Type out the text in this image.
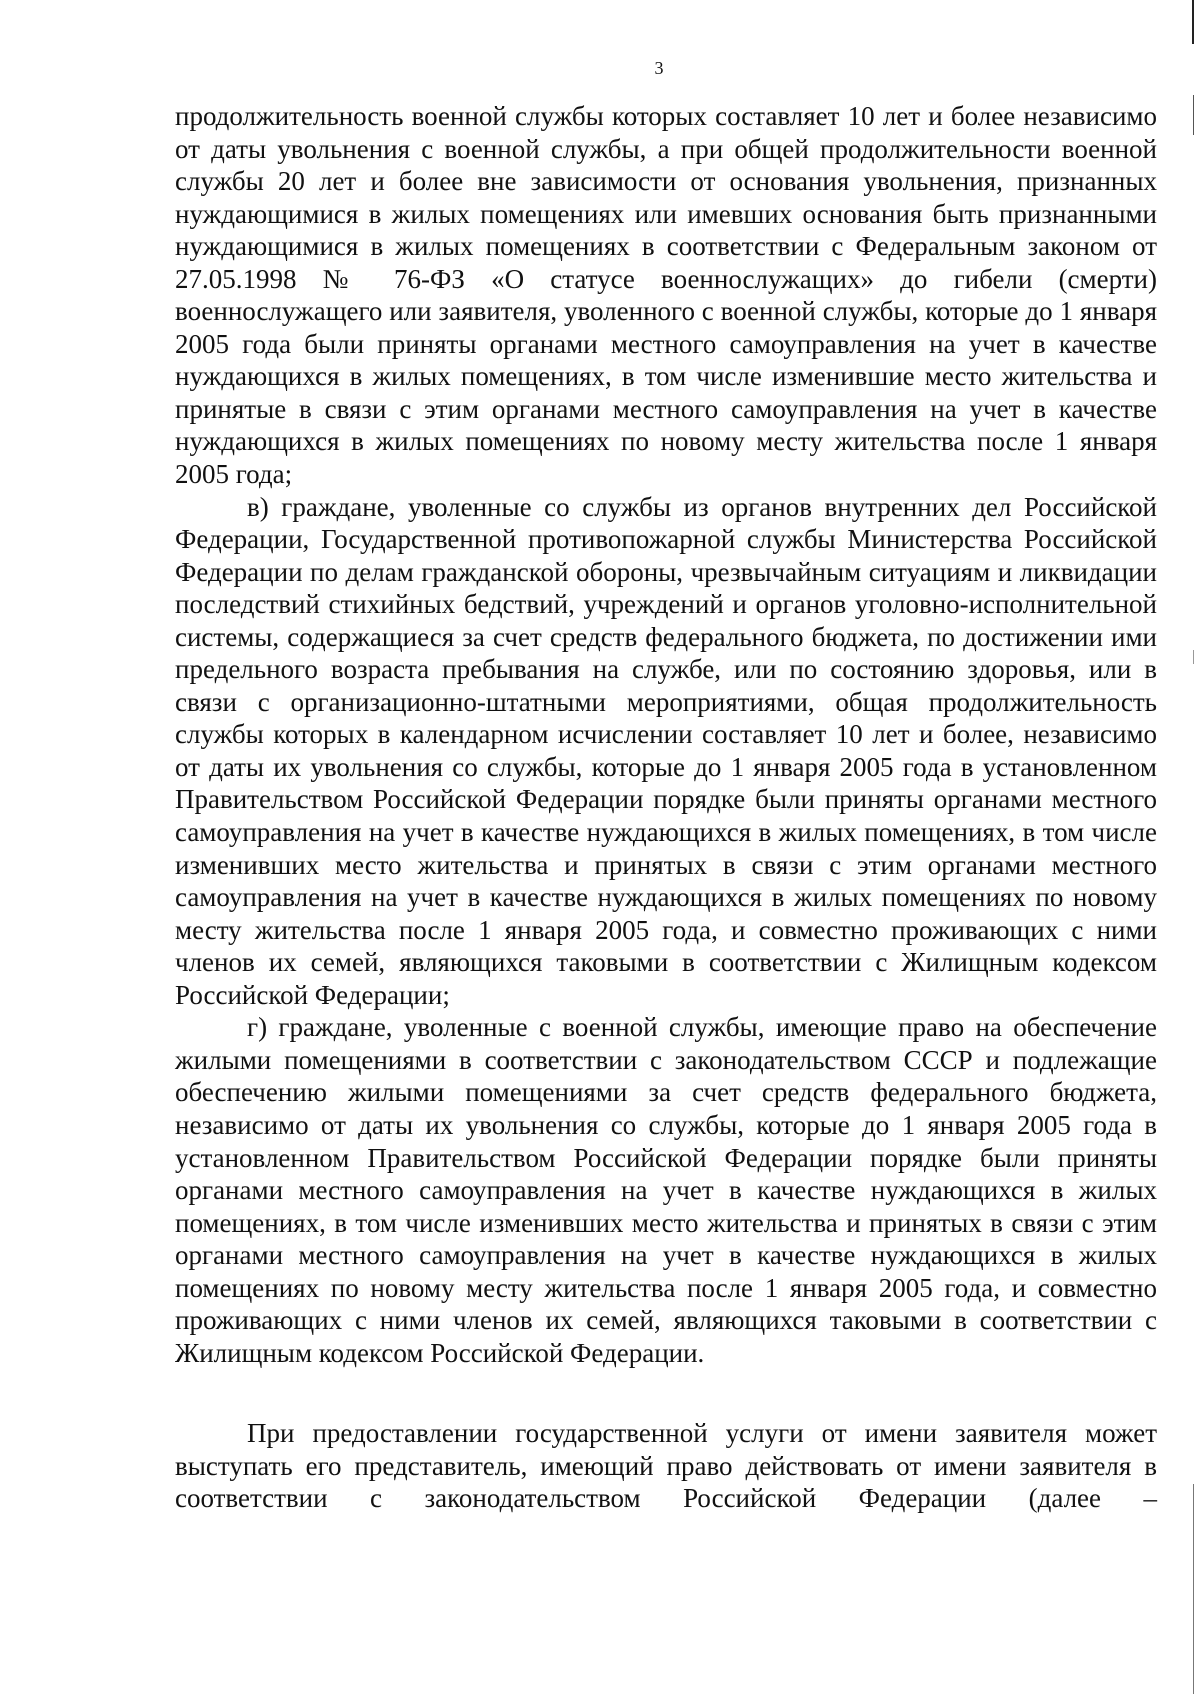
3

продолжительность военной службы которых составляет 10 лет и более независимо от даты увольнения с военной службы, а при общей продолжительности военной службы 20 лет и более вне зависимости от основания увольнения, признанных нуждающимися в жилых помещениях или имевших основания быть признанными нуждающимися в жилых помещениях в соответствии с Федеральным законом от 27.05.1998 № 76-ФЗ «О статусе военнослужащих» до гибели (смерти) военнослужащего или заявителя, уволенного с военной службы, которые до 1 января 2005 года были приняты органами местного самоуправления на учет в качестве нуждающихся в жилых помещениях, в том числе изменившие место жительства и принятые в связи с этим органами местного самоуправления на учет в качестве нуждающихся в жилых помещениях по новому месту жительства после 1 января 2005 года;

в) граждане, уволенные со службы из органов внутренних дел Российской Федерации, Государственной противопожарной службы Министерства Российской Федерации по делам гражданской обороны, чрезвычайным ситуациям и ликвидации последствий стихийных бедствий, учреждений и органов уголовно-исполнительной системы, содержащиеся за счет средств федерального бюджета, по достижении ими предельного возраста пребывания на службе, или по состоянию здоровья, или в связи с организационно-штатными мероприятиями, общая продолжительность службы которых в календарном исчислении составляет 10 лет и более, независимо от даты их увольнения со службы, которые до 1 января 2005 года в установленном Правительством Российской Федерации порядке были приняты органами местного самоуправления на учет в качестве нуждающихся в жилых помещениях, в том числе изменивших место жительства и принятых в связи с этим органами местного самоуправления на учет в качестве нуждающихся в жилых помещениях по новому месту жительства после 1 января 2005 года, и совместно проживающих с ними членов их семей, являющихся таковыми в соответствии с Жилищным кодексом Российской Федерации;

г) граждане, уволенные с военной службы, имеющие право на обеспечение жилыми помещениями в соответствии с законодательством СССР и подлежащие обеспечению жилыми помещениями за счет средств федерального бюджета, независимо от даты их увольнения со службы, которые до 1 января 2005 года в установленном Правительством Российской Федерации порядке были приняты органами местного самоуправления на учет в качестве нуждающихся в жилых помещениях, в том числе изменивших место жительства и принятых в связи с этим органами местного самоуправления на учет в качестве нуждающихся в жилых помещениях по новому месту жительства после 1 января 2005 года, и совместно проживающих с ними членов их семей, являющихся таковыми в соответствии с Жилищным кодексом Российской Федерации.

При предоставлении государственной услуги от имени заявителя может выступать его представитель, имеющий право действовать от имени заявителя в соответствии с законодательством Российской Федерации (далее –
